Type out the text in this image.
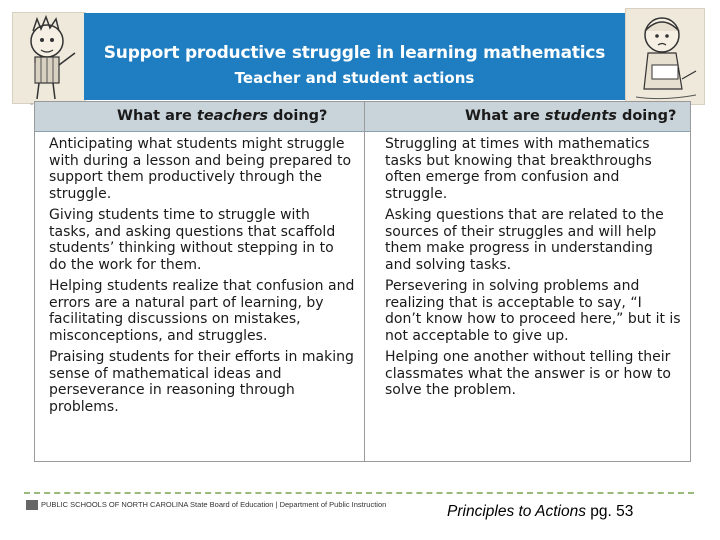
Support productive struggle in learning mathematics
Teacher and student actions
-
What are teachers doing?	What are students doing?

Anticipating what students might struggle with during a lesson and being prepared to support them productively through the struggle.

Giving students time to struggle with tasks, and asking questions that scaffold students’ thinking without stepping in to do the work for them.

Helping students realize that confusion and errors are a natural part of learning, by facilitating discussions on mistakes, misconceptions, and struggles.

Praising students for their efforts in making sense of mathematical ideas and perseverance in reasoning through problems.

Struggling at times with mathematics tasks but knowing that breakthroughs often emerge from confusion and struggle.

Asking questions that are related to the sources of their struggles and will help them make progress in understanding and solving tasks.

Persevering in solving problems and realizing that is acceptable to say, “I don’t know how to proceed here,” but it is not acceptable to give up.

Helping one another without telling their classmates what the answer is or how to solve the problem.

PUBLIC SCHOOLS OF NORTH CAROLINA State Board of Education | Department of Public Instruction	Principles to Actions pg. 53
